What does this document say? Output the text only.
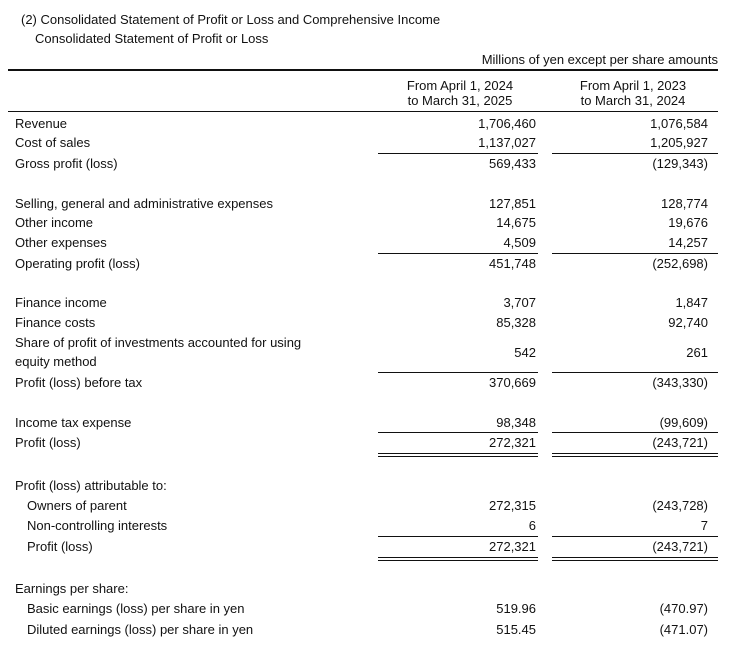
(2) Consolidated Statement of Profit or Loss and Comprehensive Income
Consolidated Statement of Profit or Loss
Millions of yen except per share amounts
From April 1, 2024
to March 31, 2025
From April 1, 2023
to March 31, 2024
Revenue	1,706,460	1,076,584
Cost of sales	1,137,027	1,205,927
Gross profit (loss)	569,433	(129,343)
Selling, general and administrative expenses	127,851	128,774
Other income	14,675	19,676
Other expenses	4,509	14,257
Operating profit (loss)	451,748	(252,698)
Finance income	3,707	1,847
Finance costs	85,328	92,740
Share of profit of investments accounted for using
equity method
542	261
Profit (loss) before tax	370,669	(343,330)
Income tax expense	98,348	(99,609)
Profit (loss)	272,321	(243,721)
Profit (loss) attributable to:
Owners of parent	272,315	(243,728)
Non-controlling interests	6	7
Profit (loss)	272,321	(243,721)
Earnings per share:
Basic earnings (loss) per share in yen	519.96	(470.97)
Diluted earnings (loss) per share in yen	515.45	(471.07)
